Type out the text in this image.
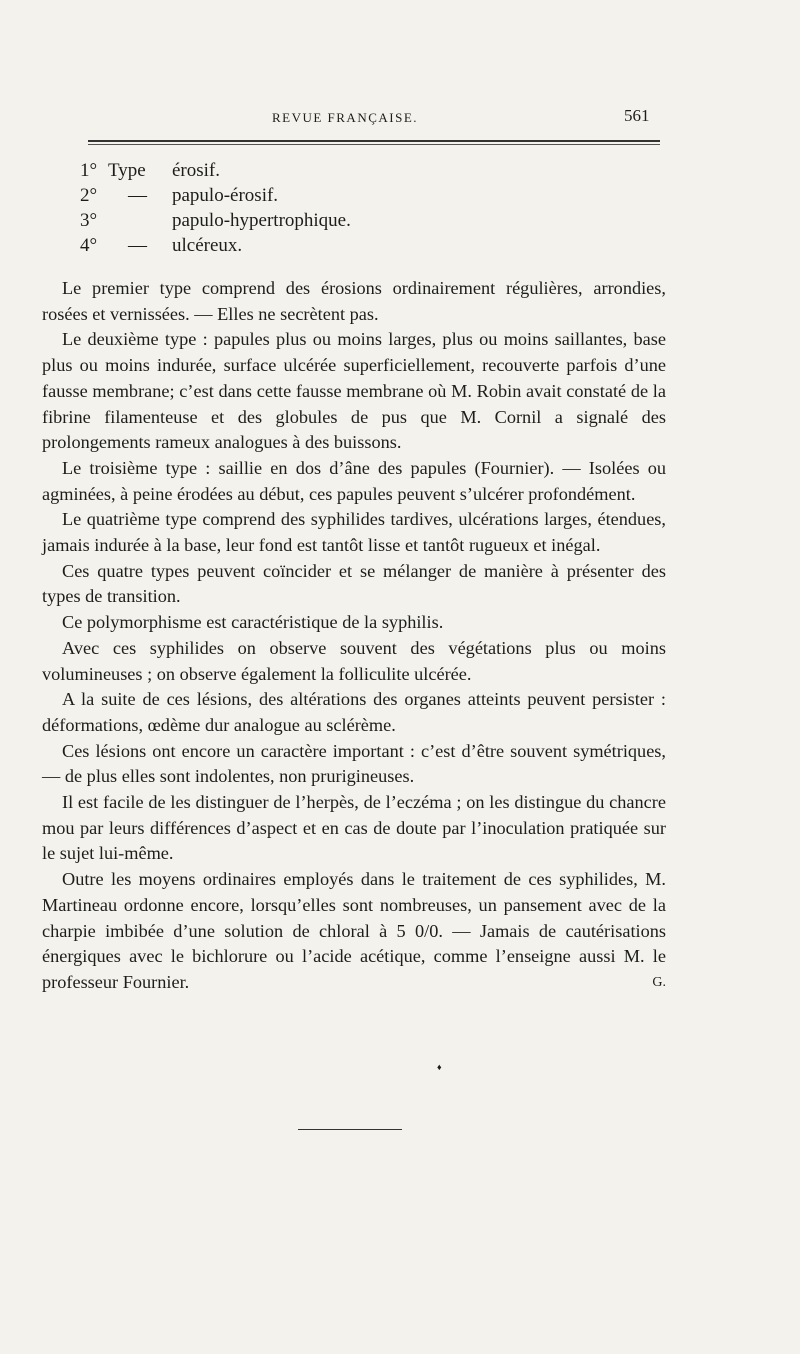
REVUE FRANÇAISE.	561
1° Type érosif.
2° — papulo-érosif.
3°	papulo-hypertrophique.
4° — ulcéreux.

Le premier type comprend des érosions ordinairement régulières, arrondies, rosées et vernissées. — Elles ne secrètent pas.

Le deuxième type : papules plus ou moins larges, plus ou moins saillantes, base plus ou moins indurée, surface ulcérée superficiellement, recouverte parfois d’une fausse membrane; c’est dans cette fausse membrane où M. Robin avait constaté de la fibrine filamenteuse et des globules de pus que M. Cornil a signalé des prolongements rameux analogues à des buissons.

Le troisième type : saillie en dos d’âne des papules (Fournier). — Isolées ou agminées, à peine érodées au début, ces papules peuvent s’ulcérer profondément.

Le quatrième type comprend des syphilides tardives, ulcérations larges, étendues, jamais indurée à la base, leur fond est tantôt lisse et tantôt rugueux et inégal.

Ces quatre types peuvent coïncider et se mélanger de manière à présenter des types de transition.

Ce polymorphisme est caractéristique de la syphilis.

Avec ces syphilides on observe souvent des végétations plus ou moins volumineuses ; on observe également la folliculite ulcérée.

A la suite de ces lésions, des altérations des organes atteints peuvent persister : déformations, œdème dur analogue au sclérème.

Ces lésions ont encore un caractère important : c’est d’être souvent symétriques, — de plus elles sont indolentes, non prurigineuses.

Il est facile de les distinguer de l’herpès, de l’eczéma ; on les distingue du chancre mou par leurs différences d’aspect et en cas de doute par l’inoculation pratiquée sur le sujet lui-même.

Outre les moyens ordinaires employés dans le traitement de ces syphilides, M. Martineau ordonne encore, lorsqu’elles sont nombreuses, un pansement avec de la charpie imbibée d’une solution de chloral à 5 0/0. — Jamais de cautérisations énergiques avec le bichlorure ou l’acide acétique, comme l’enseigne aussi M. le professeur Fournier.	G.

♦
